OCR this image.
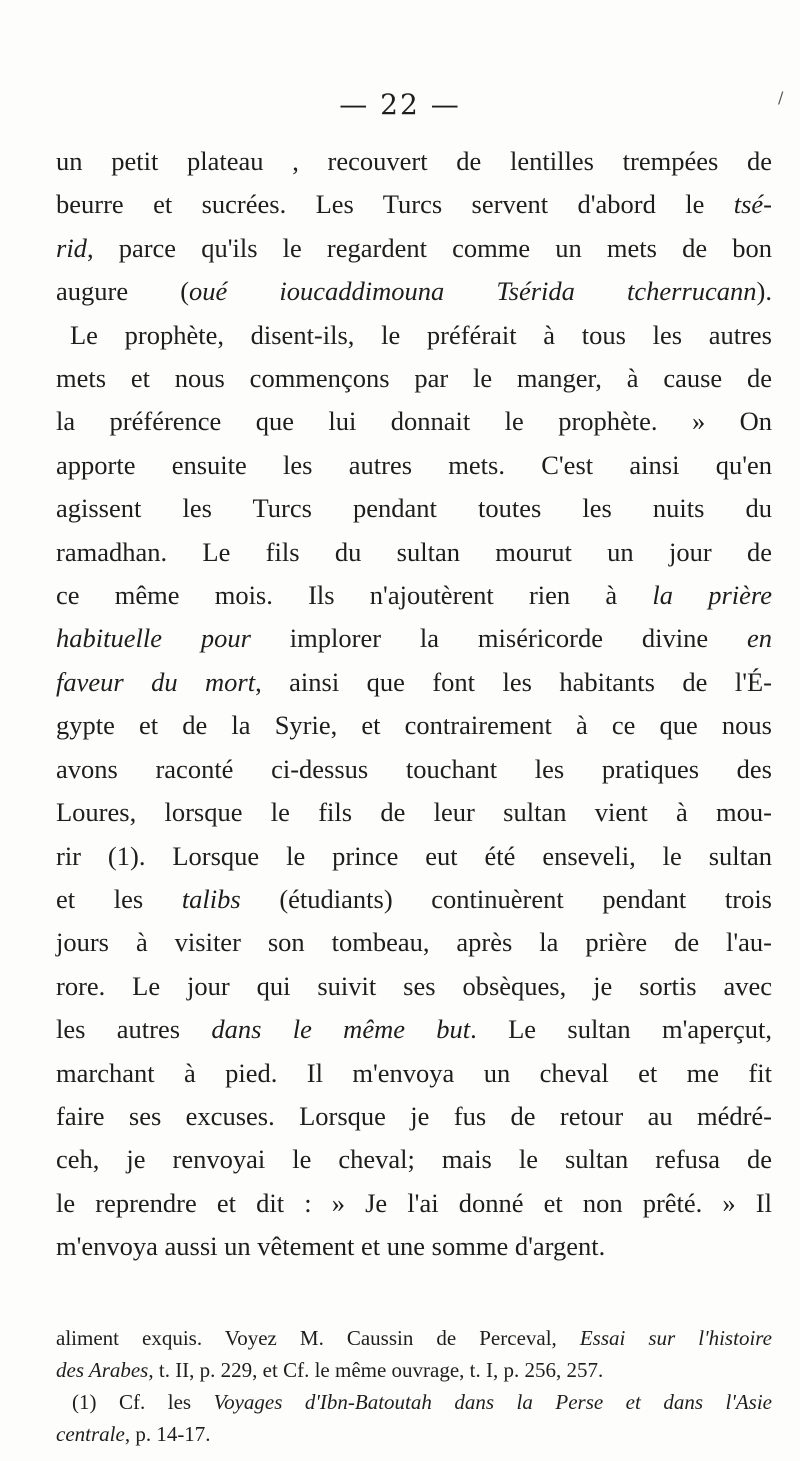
— 22 —	/
un petit plateau , recouvert de lentilles trempées de
beurre et sucrées. Les Turcs servent d'abord le tsé-
rid, parce qu'ils le regardent comme un mets de bon
augure (oué ioucaddimouna Tsérida tcherrucann).
Le prophète, disent-ils, le préférait à tous les autres
mets et nous commençons par le manger, à cause de
la préférence que lui donnait le prophète. » On
apporte ensuite les autres mets. C'est ainsi qu'en
agissent les Turcs pendant toutes les nuits du
ramadhan. Le fils du sultan mourut un jour de
ce même mois. Ils n'ajoutèrent rien à la prière
habituelle pour implorer la miséricorde divine en
faveur du mort, ainsi que font les habitants de l'É-
gypte et de la Syrie, et contrairement à ce que nous
avons raconté ci-dessus touchant les pratiques des
Loures, lorsque le fils de leur sultan vient à mou-
rir (1). Lorsque le prince eut été enseveli, le sultan
et les talibs (étudiants) continuèrent pendant trois
jours à visiter son tombeau, après la prière de l'au-
rore. Le jour qui suivit ses obsèques, je sortis avec
les autres dans le même but. Le sultan m'aperçut,
marchant à pied. Il m'envoya un cheval et me fit
faire ses excuses. Lorsque je fus de retour au médré-
ceh, je renvoyai le cheval; mais le sultan refusa de
le reprendre et dit : » Je l'ai donné et non prêté. » Il
m'envoya aussi un vêtement et une somme d'argent.
aliment exquis. Voyez M. Caussin de Perceval, Essai sur l'histoire
des Arabes, t. II, p. 229, et Cf. le même ouvrage, t. I, p. 256, 257.
(1) Cf. les Voyages d'Ibn-Batoutah dans la Perse et dans l'Asie
centrale, p. 14-17.
